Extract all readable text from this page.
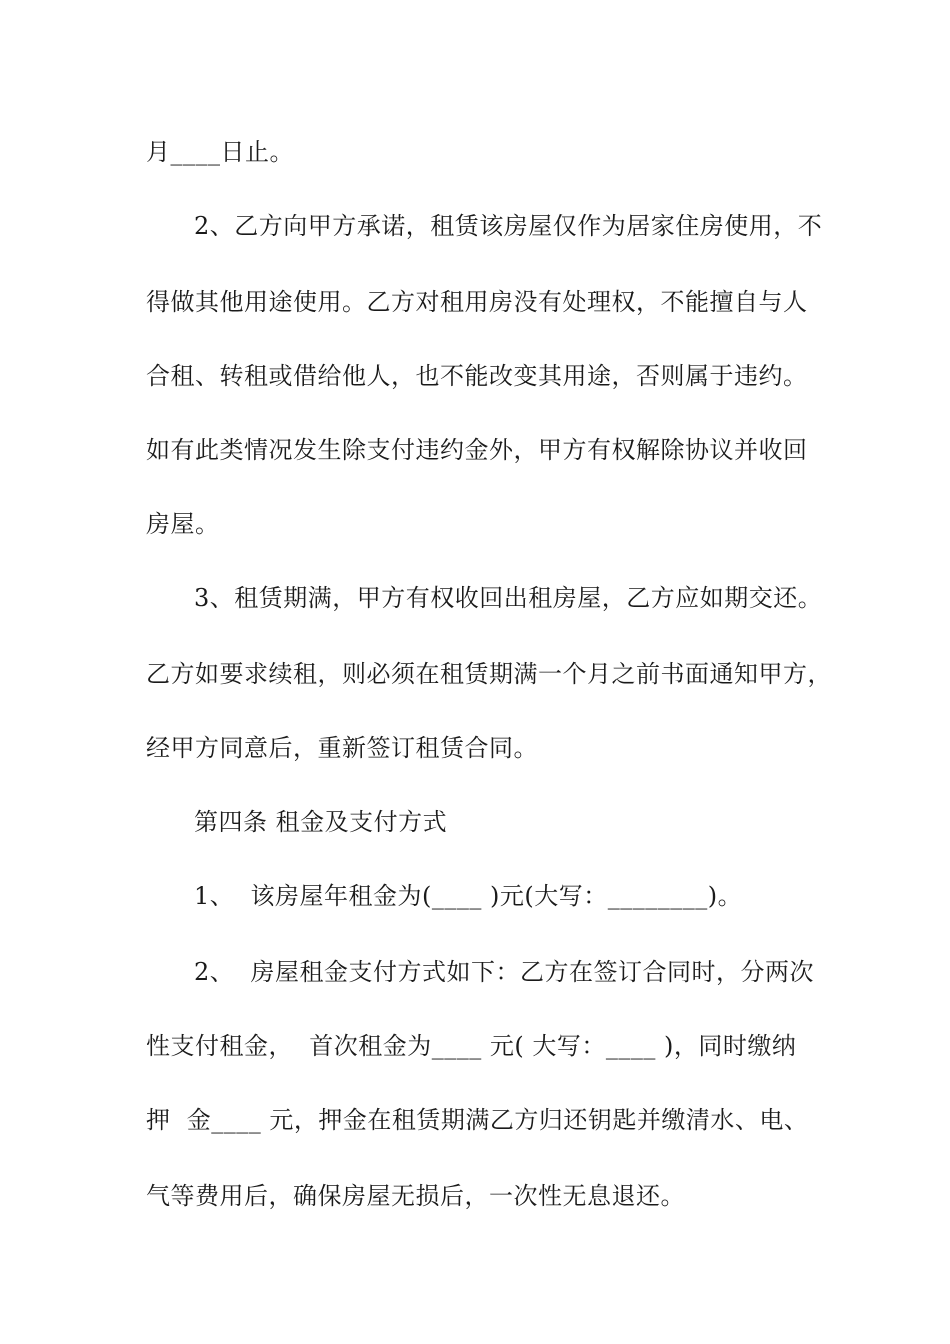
月____日止。
2、乙方向甲方承诺，租赁该房屋仅作为居家住房使用，不
得做其他用途使用。乙方对租用房没有处理权，不能擅自与人
合租、转租或借给他人，也不能改变其用途，否则属于违约。
如有此类情况发生除支付违约金外，甲方有权解除协议并收回
房屋。
3、租赁期满，甲方有权收回出租房屋，乙方应如期交还。
乙方如要求续租，则必须在租赁期满一个月之前书面通知甲方，
经甲方同意后，重新签订租赁合同。
第四条 租金及支付方式
1、  该房屋年租金为(____ )元(大写：________)。
2、  房屋租金支付方式如下：乙方在签订合同时，分两次
性支付租金，  首次租金为____ 元( 大写：____ )，同时缴纳
押  金____ 元，押金在租赁期满乙方归还钥匙并缴清水、电、
气等费用后，确保房屋无损后，一次性无息退还。
